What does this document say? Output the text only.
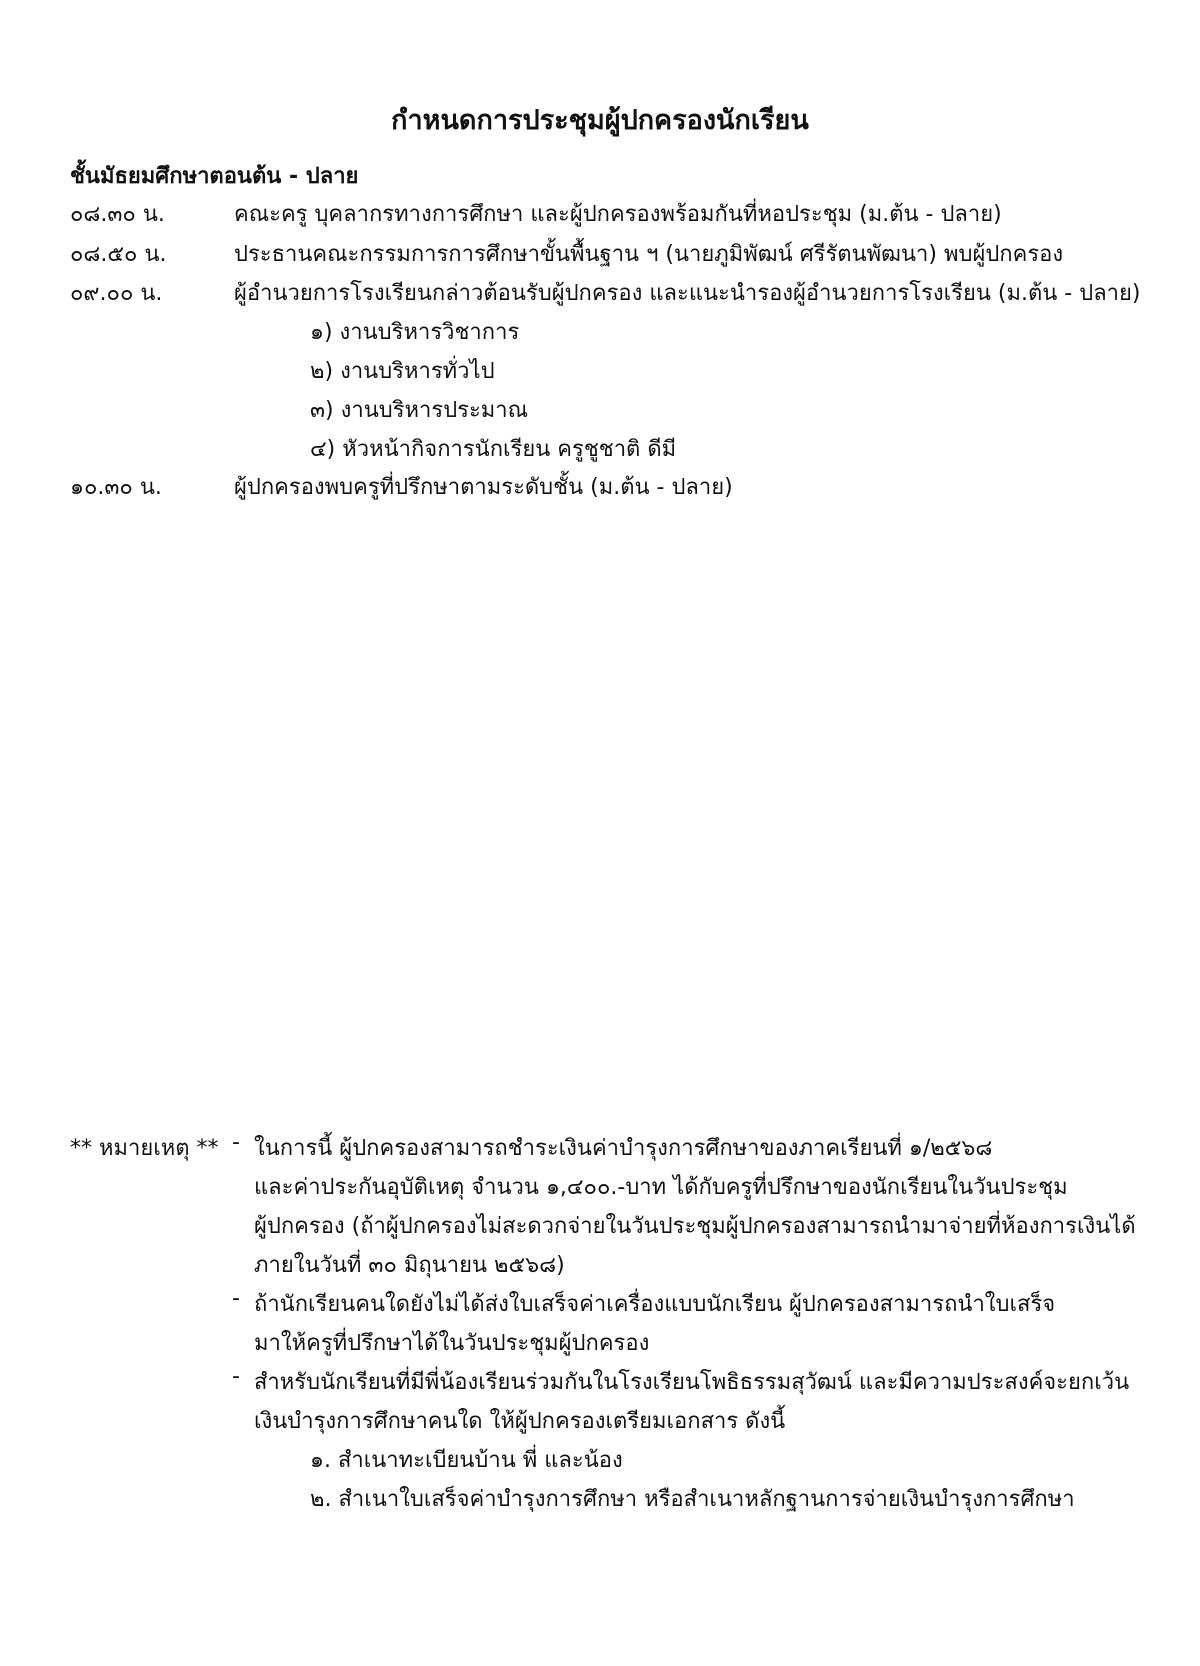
กำหนดการประชุมผู้ปกครองนักเรียน
ชั้นมัธยมศึกษาตอนต้น - ปลาย
๐๘.๓๐ น.	คณะครู บุคลากรทางการศึกษา และผู้ปกครองพร้อมกันที่หอประชุม (ม.ต้น - ปลาย)
๐๘.๕๐ น.	ประธานคณะกรรมการการศึกษาขั้นพื้นฐาน ฯ (นายภูมิพัฒน์ ศรีรัตนพัฒนา) พบผู้ปกครอง
๐๙.๐๐ น.	ผู้อำนวยการโรงเรียนกล่าวต้อนรับผู้ปกครอง และแนะนำรองผู้อำนวยการโรงเรียน (ม.ต้น - ปลาย)
๑) งานบริหารวิชาการ
๒) งานบริหารทั่วไป
๓) งานบริหารประมาณ
๔) หัวหน้ากิจการนักเรียน ครูชูชาติ ดีมี
๑๐.๓๐ น.	ผู้ปกครองพบครูที่ปรึกษาตามระดับชั้น (ม.ต้น - ปลาย)
** หมายเหตุ ** - ในการนี้ ผู้ปกครองสามารถชำระเงินค่าบำรุงการศึกษาของภาคเรียนที่ ๑/๒๕๖๘
และค่าประกันอุบัติเหตุ จำนวน ๑,๔๐๐.-บาท ได้กับครูที่ปรึกษาของนักเรียนในวันประชุม
ผู้ปกครอง (ถ้าผู้ปกครองไม่สะดวกจ่ายในวันประชุมผู้ปกครองสามารถนำมาจ่ายที่ห้องการเงินได้
ภายในวันที่ ๓๐ มิถุนายน ๒๕๖๘)
- ถ้านักเรียนคนใดยังไม่ได้ส่งใบเสร็จค่าเครื่องแบบนักเรียน ผู้ปกครองสามารถนำใบเสร็จ
มาให้ครูที่ปรึกษาได้ในวันประชุมผู้ปกครอง
- สำหรับนักเรียนที่มีพี่น้องเรียนร่วมกันในโรงเรียนโพธิธรรมสุวัฒน์ และมีความประสงค์จะยกเว้น
เงินบำรุงการศึกษาคนใด ให้ผู้ปกครองเตรียมเอกสาร ดังนี้
๑. สำเนาทะเบียนบ้าน พี่ และน้อง
๒. สำเนาใบเสร็จค่าบำรุงการศึกษา หรือสำเนาหลักฐานการจ่ายเงินบำรุงการศึกษา
